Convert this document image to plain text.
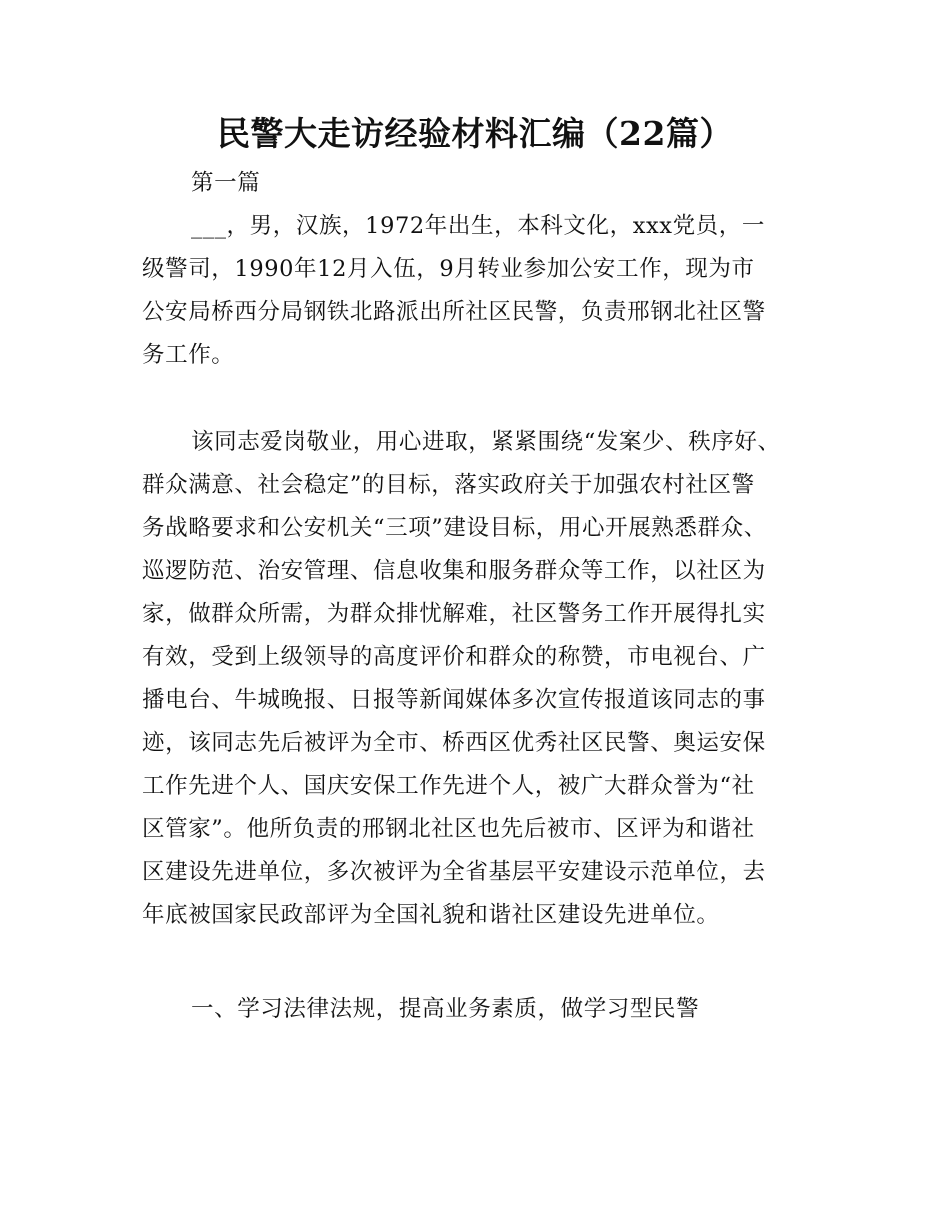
民警大走访经验材料汇编（22篇）

第一篇

___，男，汉族，1972年出生，本科文化，xxx党员，一

级警司，1990年12月入伍，9月转业参加公安工作，现为市

公安局桥西分局钢铁北路派出所社区民警，负责邢钢北社区警

务工作。

该同志爱岗敬业，用心进取，紧紧围绕“发案少、秩序好、

群众满意、社会稳定”的目标，落实政府关于加强农村社区警

务战略要求和公安机关“三项”建设目标，用心开展熟悉群众、

巡逻防范、治安管理、信息收集和服务群众等工作，以社区为

家，做群众所需，为群众排忧解难，社区警务工作开展得扎实

有效，受到上级领导的高度评价和群众的称赞，市电视台、广

播电台、牛城晚报、日报等新闻媒体多次宣传报道该同志的事

迹，该同志先后被评为全市、桥西区优秀社区民警、奥运安保

工作先进个人、国庆安保工作先进个人，被广大群众誉为“社

区管家”。他所负责的邢钢北社区也先后被市、区评为和谐社

区建设先进单位，多次被评为全省基层平安建设示范单位，去

年底被国家民政部评为全国礼貌和谐社区建设先进单位。

一、学习法律法规，提高业务素质，做学习型民警
